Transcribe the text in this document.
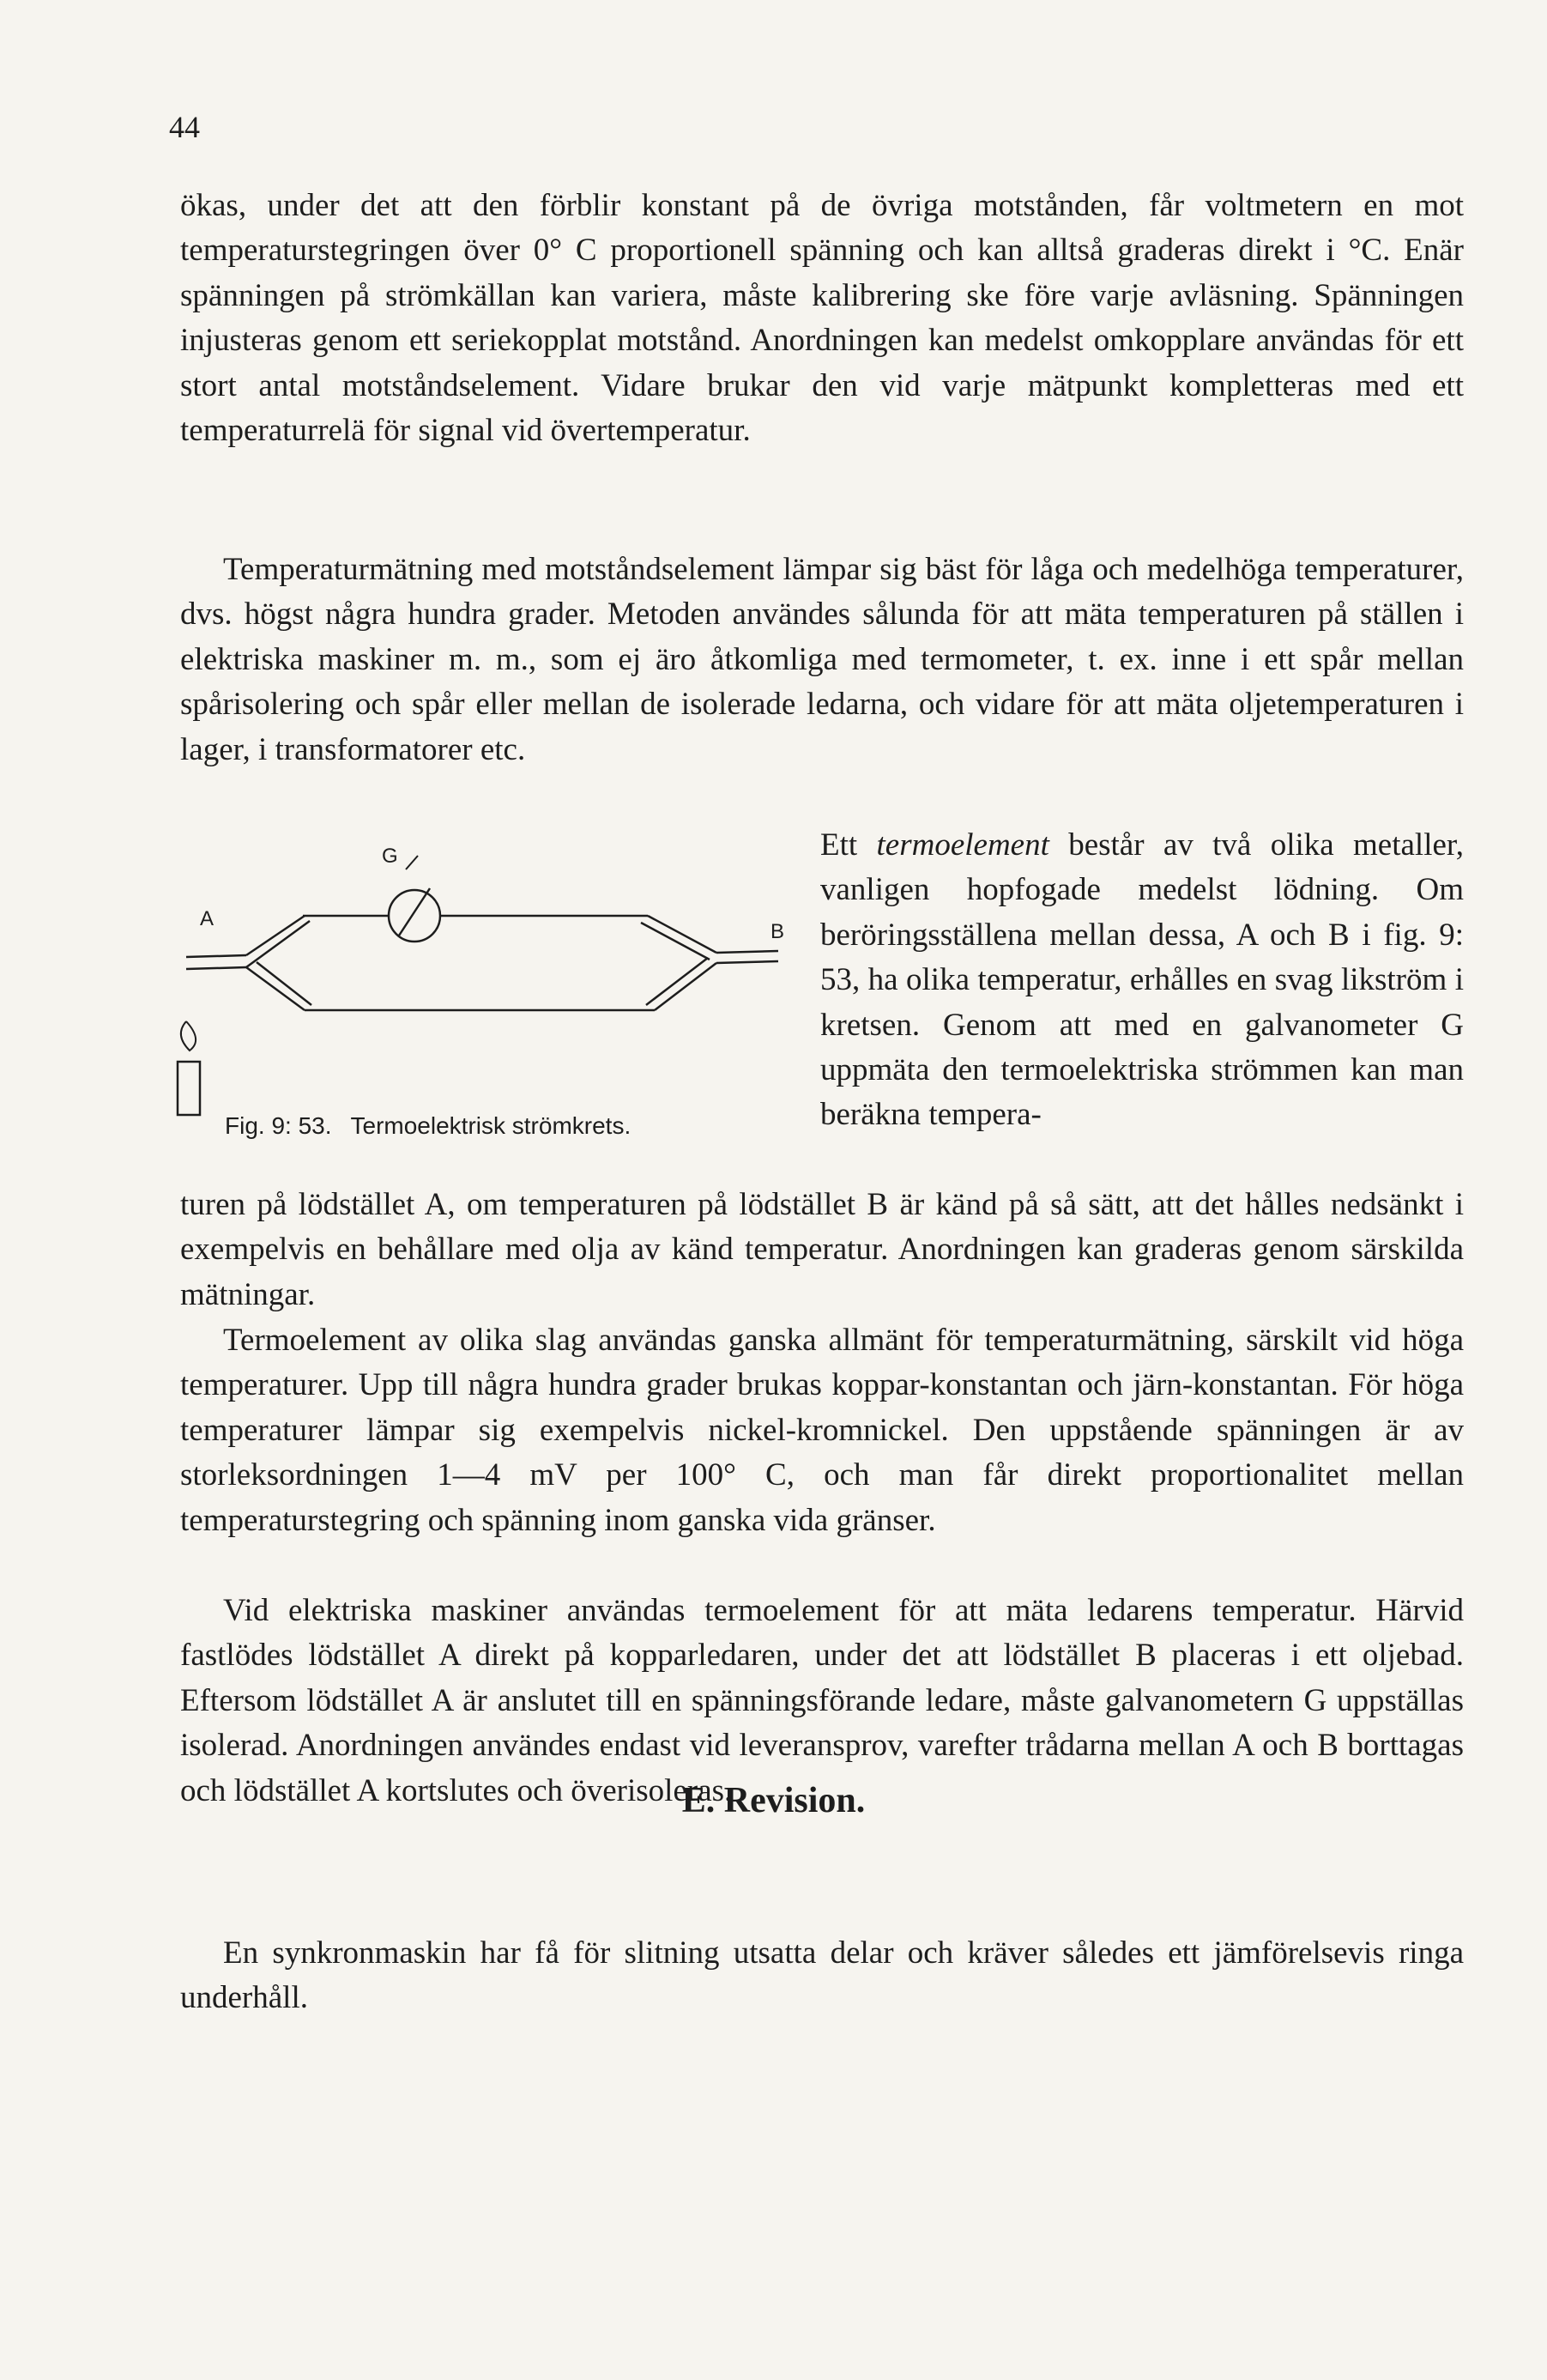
44

ökas, under det att den förblir konstant på de övriga motstånden, får voltmetern en mot temperaturstegringen över 0° C proportionell spänning och kan alltså graderas direkt i °C. Enär spänningen på strömkällan kan variera, måste kalibrering ske före varje avläsning. Spänningen injusteras genom ett seriekopplat motstånd. Anordningen kan medelst omkopplare användas för ett stort antal motståndselement. Vidare brukar den vid varje mätpunkt kompletteras med ett temperaturrelä för signal vid övertemperatur.

Temperaturmätning med motståndselement lämpar sig bäst för låga och medelhöga temperaturer, dvs. högst några hundra grader. Metoden användes sålunda för att mäta temperaturen på ställen i elektriska maskiner m. m., som ej äro åtkomliga med termometer, t. ex. inne i ett spår mellan spårisolering och spår eller mellan de isolerade ledarna, och vidare för att mäta oljetemperaturen i lager, i transformatorer etc.

G
A
B
Fig. 9: 53. Termoelektrisk strömkrets.

Ett termoelement består av två olika metaller, vanligen hopfogade medelst lödning. Om beröringsställena mellan dessa, A och B i fig. 9: 53, ha olika temperatur, erhålles en svag likström i kretsen. Genom att med en galvanometer G uppmäta den termoelektriska strömmen kan man beräkna tempera-

turen på lödstället A, om temperaturen på lödstället B är känd på så sätt, att det hålles nedsänkt i exempelvis en behållare med olja av känd temperatur. Anordningen kan graderas genom särskilda mätningar.

Termoelement av olika slag användas ganska allmänt för temperaturmätning, särskilt vid höga temperaturer. Upp till några hundra grader brukas koppar-konstantan och järn-konstantan. För höga temperaturer lämpar sig exempelvis nickel-kromnickel. Den uppstående spänningen är av storleksordningen 1—4 mV per 100° C, och man får direkt proportionalitet mellan temperaturstegring och spänning inom ganska vida gränser.

Vid elektriska maskiner användas termoelement för att mäta ledarens temperatur. Härvid fastlödes lödstället A direkt på kopparledaren, under det att lödstället B placeras i ett oljebad. Eftersom lödstället A är anslutet till en spänningsförande ledare, måste galvanometern G uppställas isolerad. Anordningen användes endast vid leveransprov, varefter trådarna mellan A och B borttagas och lödstället A kortslutes och överisoleras.

E. Revision.

En synkronmaskin har få för slitning utsatta delar och kräver således ett jämförelsevis ringa underhåll.
